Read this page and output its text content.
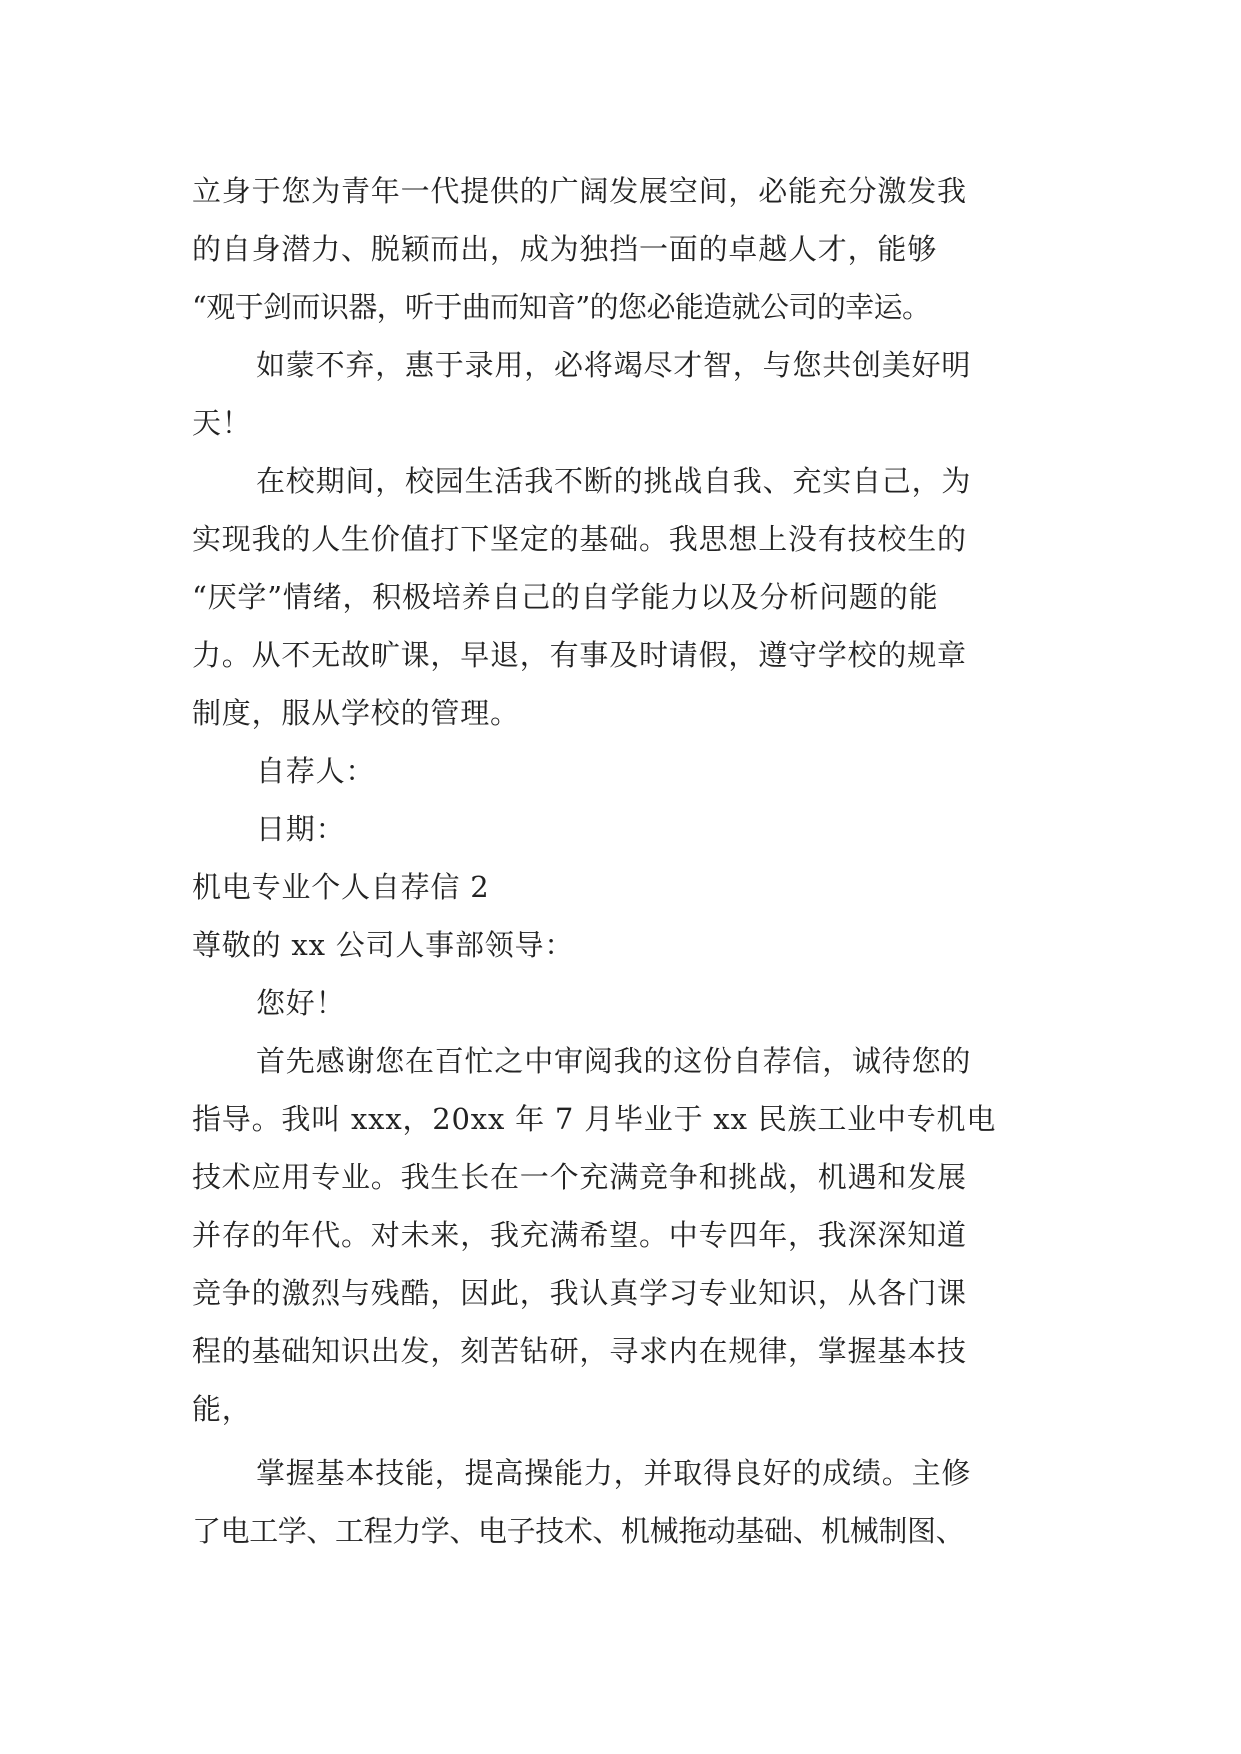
立身于您为青年一代提供的广阔发展空间，必能充分激发我
的自身潜力、脱颖而出，成为独挡一面的卓越人才，能够
“观于剑而识器，听于曲而知音”的您必能造就公司的幸运。

如蒙不弃，惠于录用，必将竭尽才智，与您共创美好明
天！

在校期间，校园生活我不断的挑战自我、充实自己，为
实现我的人生价值打下坚定的基础。我思想上没有技校生的
“厌学”情绪，积极培养自己的自学能力以及分析问题的能
力。从不无故旷课，早退，有事及时请假，遵守学校的规章
制度，服从学校的管理。

自荐人：

日期：

机电专业个人自荐信 2

尊敬的 xx 公司人事部领导：

您好！

首先感谢您在百忙之中审阅我的这份自荐信，诚待您的
指导。我叫 xxx，20xx 年 7 月毕业于 xx 民族工业中专机电
技术应用专业。我生长在一个充满竞争和挑战，机遇和发展
并存的年代。对未来，我充满希望。中专四年，我深深知道
竞争的激烈与残酷，因此，我认真学习专业知识，从各门课
程的基础知识出发，刻苦钻研，寻求内在规律，掌握基本技
能，

掌握基本技能，提高操能力，并取得良好的成绩。主修
了电工学、工程力学、电子技术、机械拖动基础、机械制图、
